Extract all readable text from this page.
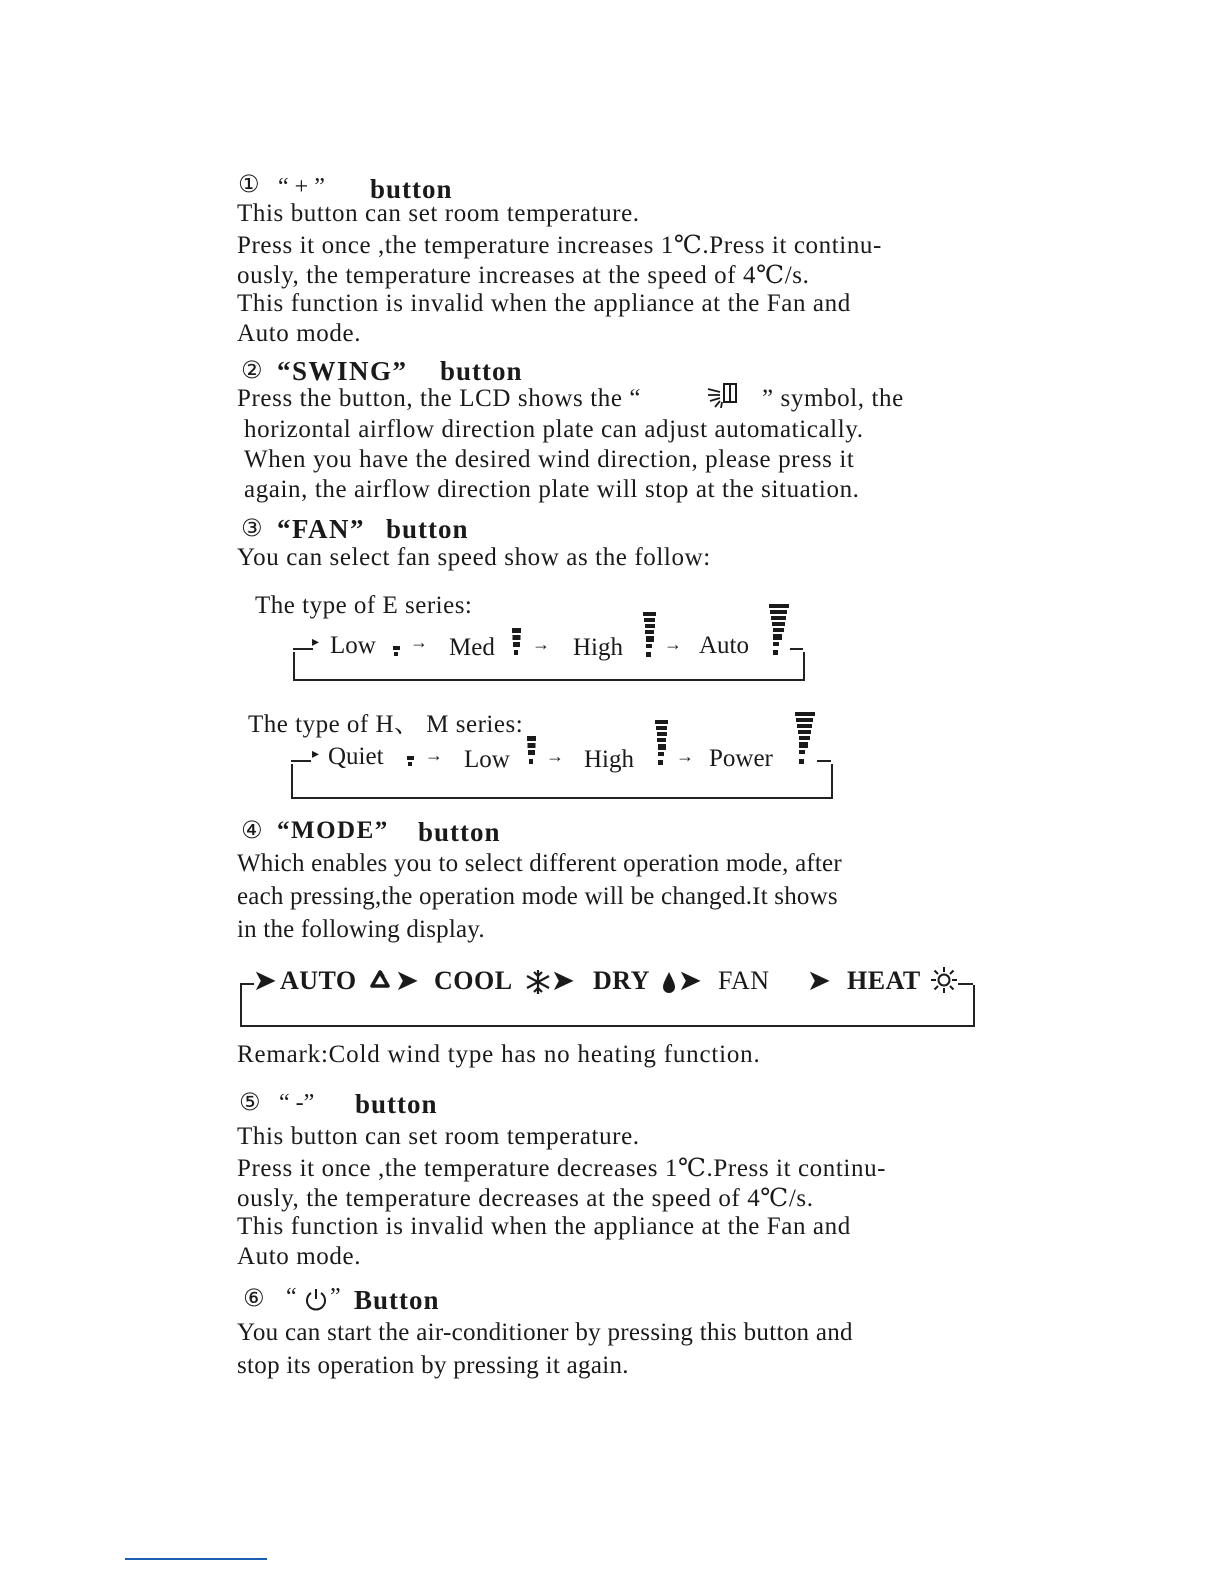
① “ + ” button
This button can set room temperature.
Press it once ,the temperature increases 1℃.Press it continu-
ously, the temperature increases at the speed of 4℃/s.
This function is invalid when the appliance at the Fan and
Auto mode.
② “SWING” button
Press the button, the LCD shows the “	” symbol, the
horizontal airflow direction plate can adjust automatically.
When you have the desired wind direction, please press it
again, the airflow direction plate will stop at the situation.
③ “FAN” button
You can select fan speed show as the follow:
The type of E series:
▸ Low → Med → High → Auto
The type of H、 M series:
▸ Quiet → Low → High → Power
④ “MODE” button
Which enables you to select different operation mode, after
each pressing,the operation mode will be changed.It shows
in the following display.
➤ AUTO ➤ COOL ➤ DRY ➤ FAN ➤ HEAT
Remark:Cold wind type has no heating function.
⑤ “ -” button
This button can set room temperature.
Press it once ,the temperature decreases 1℃.Press it continu-
ously, the temperature decreases at the speed of 4℃/s.
This function is invalid when the appliance at the Fan and
Auto mode.
⑥ “ ” Button
You can start the air-conditioner by pressing this button and
stop its operation by pressing it again.
